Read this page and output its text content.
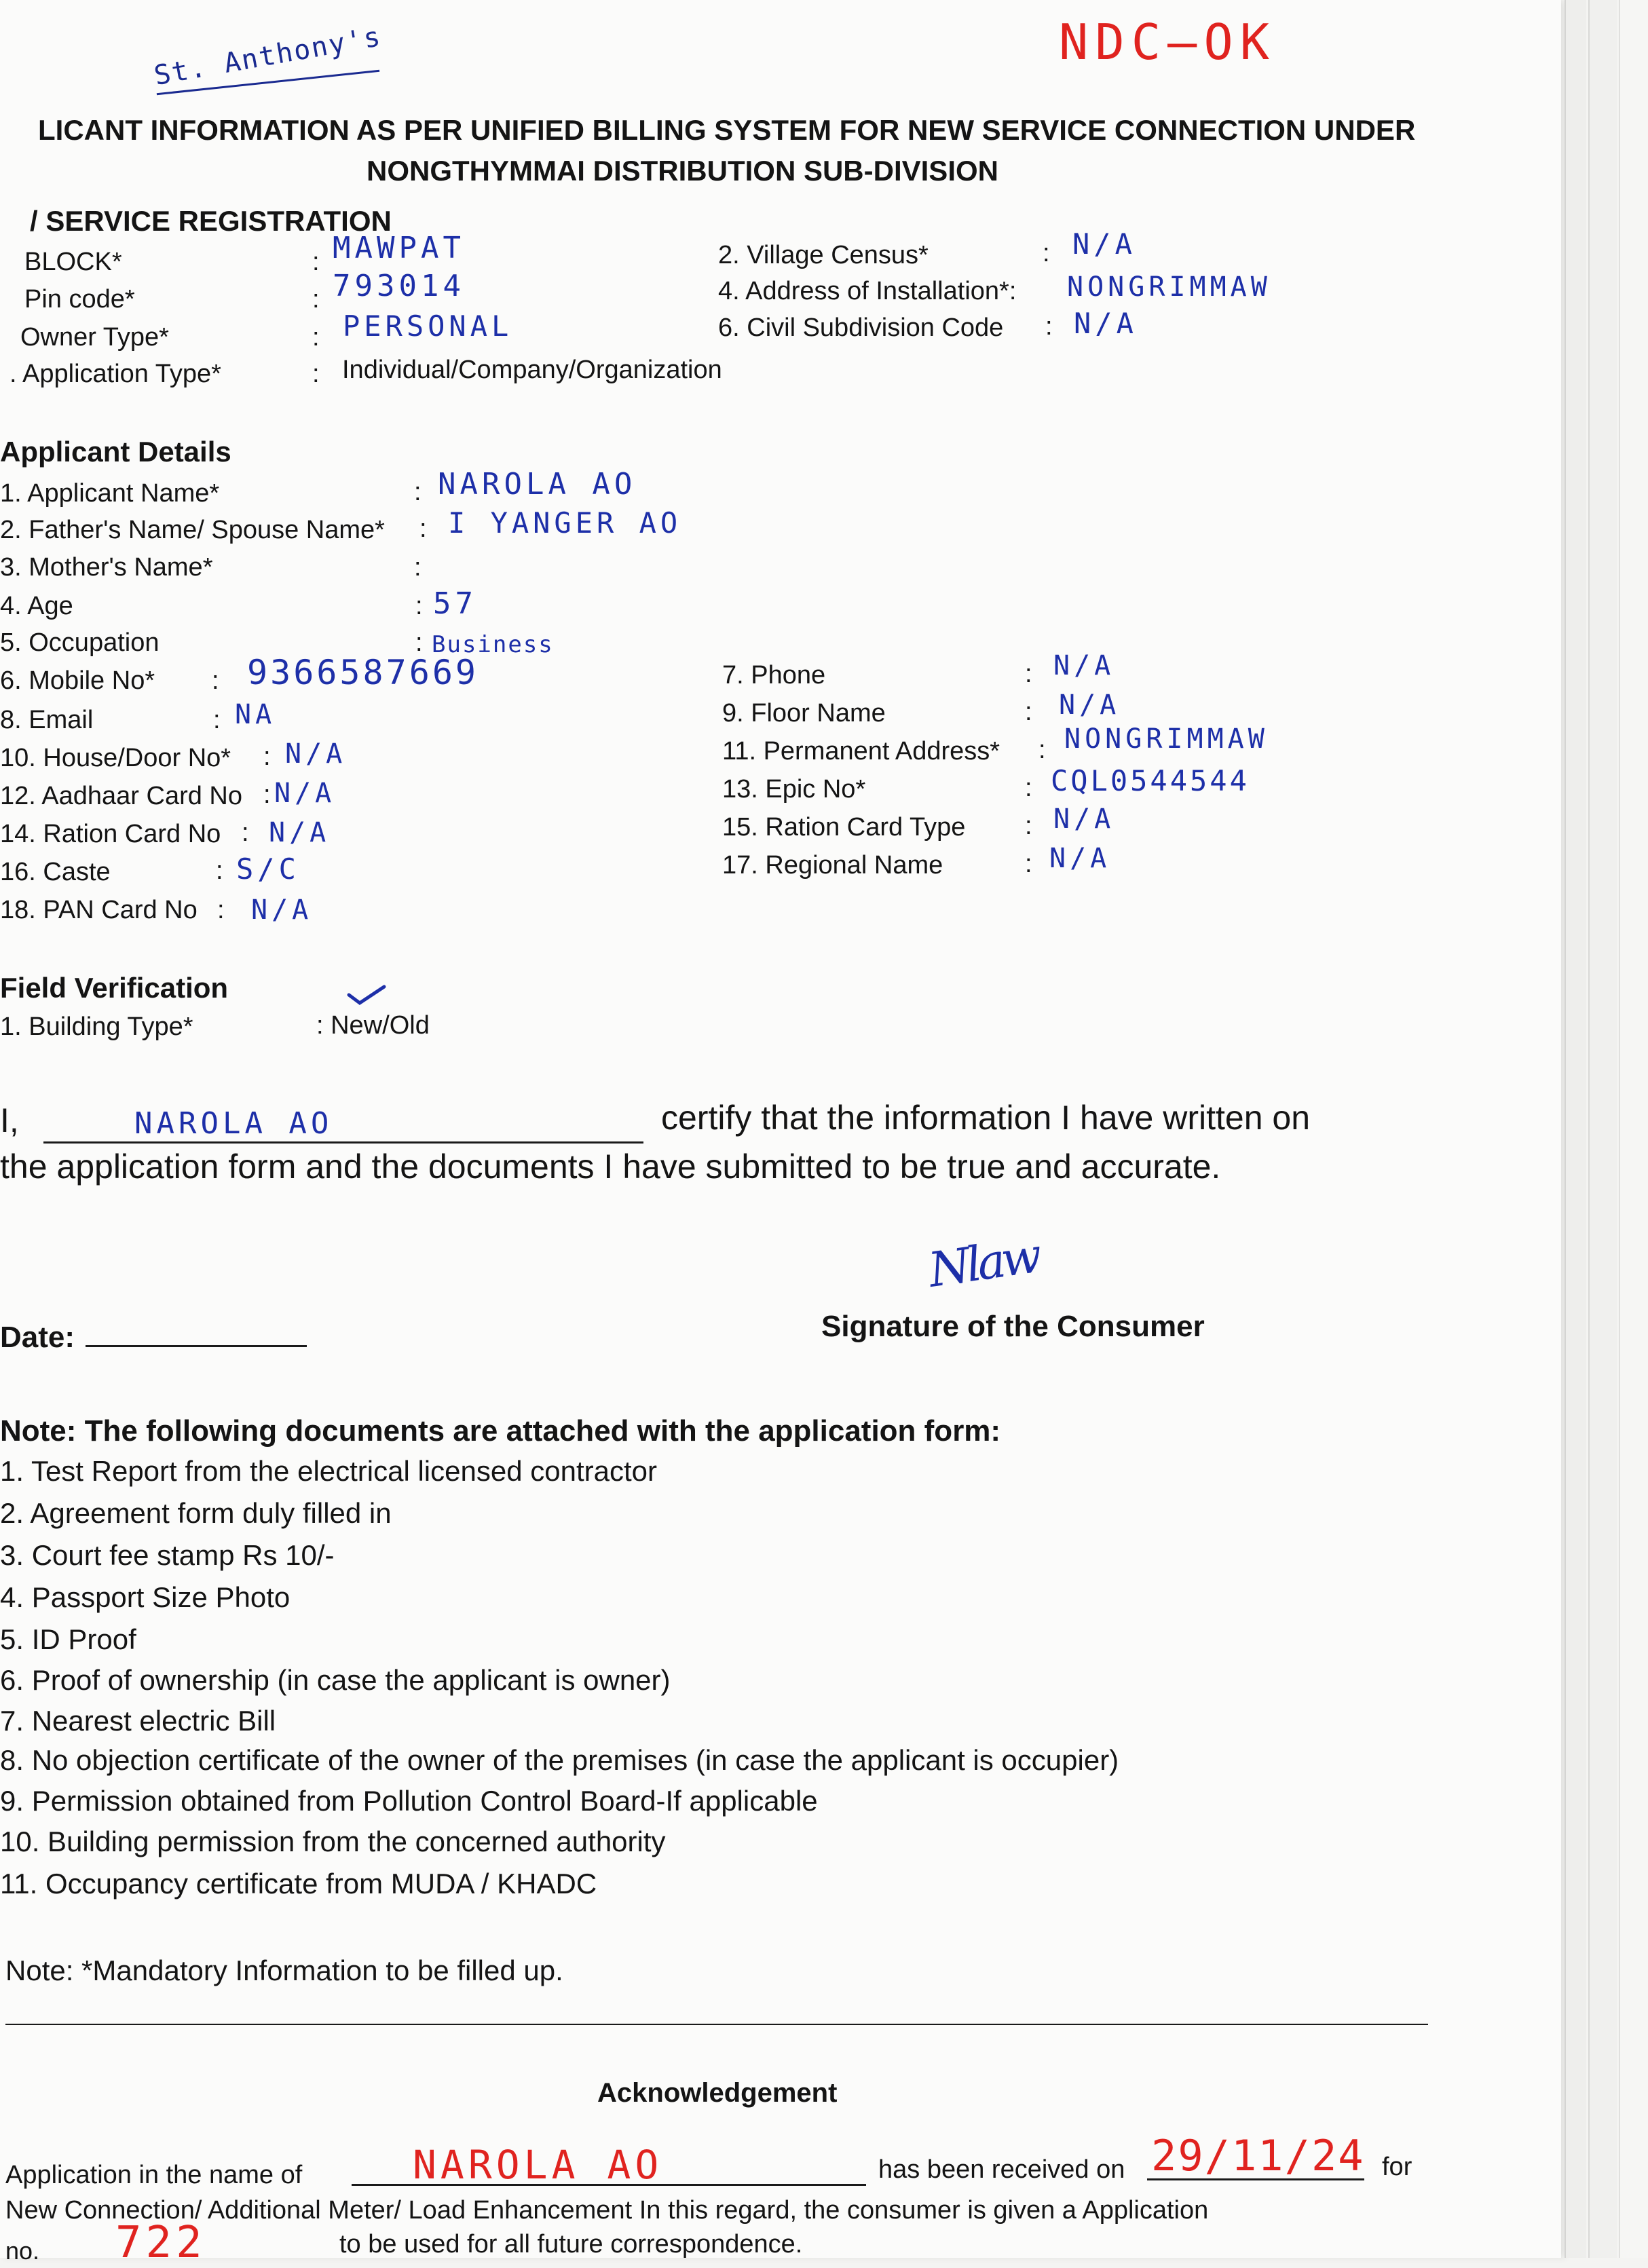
NDC—OK
St. Anthony's
LICANT INFORMATION AS PER UNIFIED BILLING SYSTEM FOR NEW SERVICE CONNECTION UNDER
NONGTHYMMAI DISTRIBUTION SUB-DIVISION
/ SERVICE REGISTRATION
BLOCK*	: MAWPAT
Pin code*	: 793014
Owner Type*	: PERSONAL
. Application Type*	: Individual/Company/Organization
2. Village Census*	: N/A
4. Address of Installation*: NONGRIMMAW
6. Civil Subdivision Code : N/A
Applicant Details
1. Applicant Name*	: NAROLA AO
2. Father's Name/ Spouse Name* : I YANGER AO
3. Mother's Name*	:
4. Age	: 57
5. Occupation	: Business
6. Mobile No* : 9366587669
8. Email	: NA
10. House/Door No* : N/A
12. Aadhaar Card No : N/A
14. Ration Card No : N/A
16. Caste	: S/C
18. PAN Card No : N/A
7. Phone	: N/A
9. Floor Name	: N/A
11. Permanent Address* : NONGRIMMAW
13. Epic No*	: CQL0544544
15. Ration Card Type : N/A
17. Regional Name	: N/A
Field Verification
1. Building Type*	: New/Old
I,	NAROLA AO	certify that the information I have written on
the application form and the documents I have submitted to be true and accurate.
Nlaw
Signature of the Consumer
Date:
Note: The following documents are attached with the application form:
1. Test Report from the electrical licensed contractor
2. Agreement form duly filled in
3. Court fee stamp Rs 10/-
4. Passport Size Photo
5. ID Proof
6. Proof of ownership (in case the applicant is owner)
7. Nearest electric Bill
8. No objection certificate of the owner of the premises (in case the applicant is occupier)
9. Permission obtained from Pollution Control Board-If applicable
10. Building permission from the concerned authority
11. Occupancy certificate from MUDA / KHADC
Note: *Mandatory Information to be filled up.
Acknowledgement
Application in the name of	NAROLA AO	has been received on 29/11/24 for
New Connection/ Additional Meter/ Load Enhancement In this regard, the consumer is given a Application
no. 722	to be used for all future correspondence.
